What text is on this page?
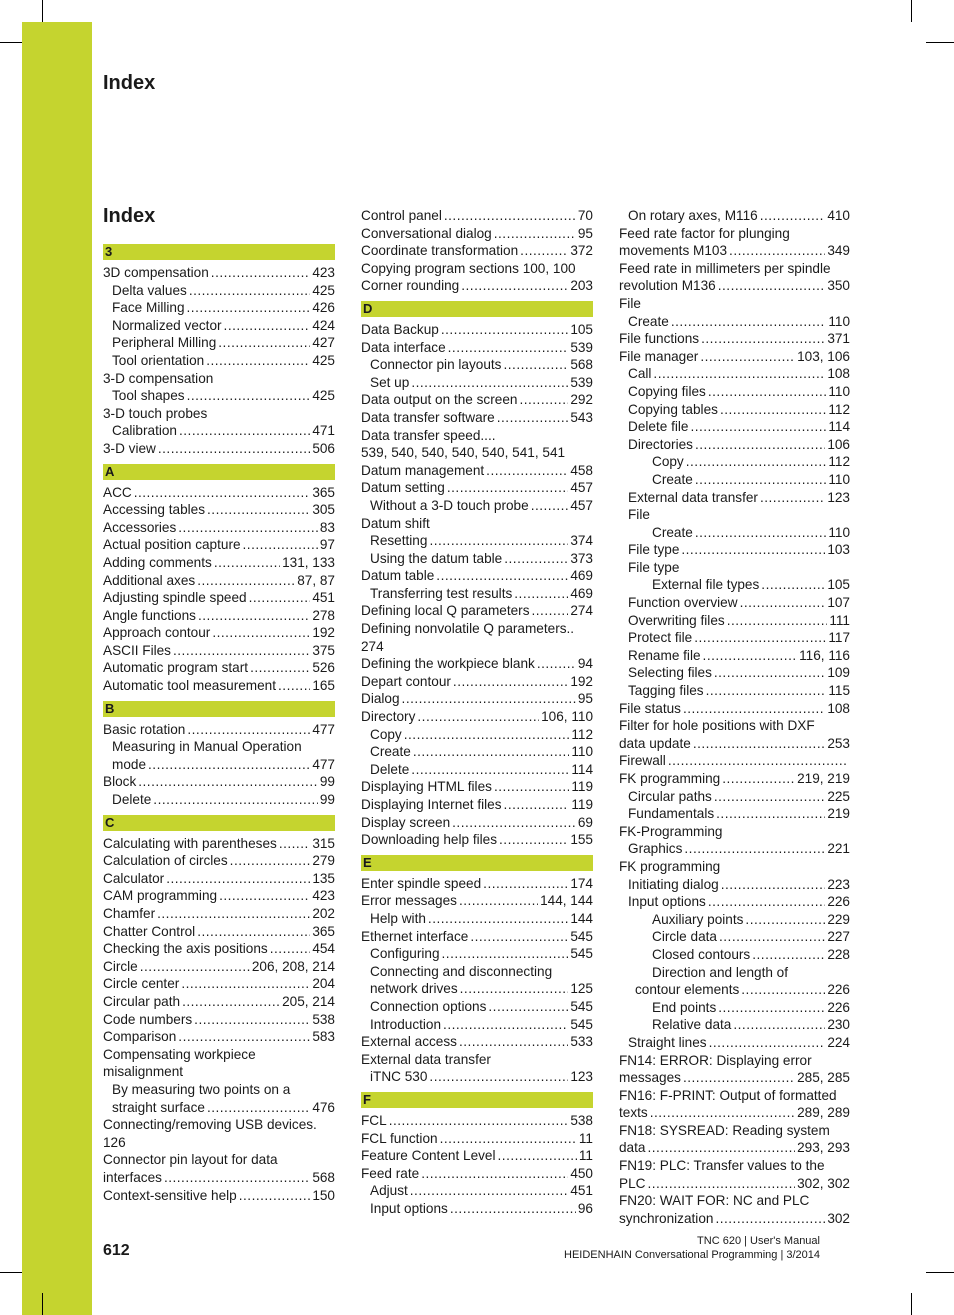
Index
Index
3
3D compensation .....	423
Delta values .....	425
Face Milling .....	426
Normalized vector .....	424
Peripheral Milling .....	427
Tool orientation .....	425
3-D compensation
Tool shapes .....	425
3-D touch probes
Calibration .....	471
3-D view .....	506
A
ACC .....	365
Accessing tables .....	305
Accessories .....	83
Actual position capture .....	97
Adding comments .....	131, 133
Additional axes .....	87, 87
Adjusting spindle speed .....	451
Angle functions .....	278
Approach contour .....	192
ASCII Files .....	375
Automatic program start .....	526
Automatic tool measurement .....	165
B
Basic rotation .....	477
Measuring in Manual Operation
mode .....	477
Block .....	99
Delete .....	99
C
Calculating with parentheses .....	315
Calculation of circles .....	279
Calculator .....	135
CAM programming .....	423
Chamfer .....	202
Chatter Control .....	365
Checking the axis positions .....	454
Circle .....	206, 208, 214
Circle center .....	204
Circular path .....	205, 214
Code numbers .....	538
Comparison .....	583
Compensating workpiece
misalignment
By measuring two points on a
straight surface .....	476
Connecting/removing USB devices.
126
Connector pin layout for data
interfaces .....	568
Context-sensitive help .....	150
Control panel .....	70
Conversational dialog .....	95
Coordinate transformation .....	372
Copying program sections 100, 100
Corner rounding .....	203
D
Data Backup .....	105
Data interface .....	539
Connector pin layouts .....	568
Set up .....	539
Data output on the screen .....	292
Data transfer software .....	543
Data transfer speed....
539, 540, 540, 540, 540, 541, 541
Datum management .....	458
Datum setting .....	457
Without a 3-D touch probe .....	457
Datum shift
Resetting .....	374
Using the datum table .....	373
Datum table .....	469
Transferring test results .....	469
Defining local Q parameters .....	274
Defining nonvolatile Q parameters..
274
Defining the workpiece blank .....	94
Depart contour .....	192
Dialog .....	95
Directory .....	106, 110
Copy .....	112
Create .....	110
Delete .....	114
Displaying HTML files .....	119
Displaying Internet files .....	119
Display screen .....	69
Downloading help files .....	155
E
Enter spindle speed .....	174
Error messages .....	144, 144
Help with .....	144
Ethernet interface .....	545
Configuring .....	545
Connecting and disconnecting
network drives .....	125
Connection options .....	545
Introduction .....	545
External access .....	533
External data transfer
iTNC 530 .....	123
F
FCL .....	538
FCL function .....	11
Feature Content Level .....	11
Feed rate .....	450
Adjust .....	451
Input options .....	96
On rotary axes, M116 .....	410
Feed rate factor for plunging
movements M103 .....	349
Feed rate in millimeters per spindle
revolution M136 .....	350
File
Create .....	110
File functions .....	371
File manager .....	103, 106
Call .....	108
Copying files .....	110
Copying tables .....	112
Delete file .....	114
Directories .....	106
Copy .....	112
Create .....	110
External data transfer .....	123
File
Create .....	110
File type .....	103
File type
External file types .....	105
Function overview .....	107
Overwriting files .....	111
Protect file .....	117
Rename file .....	116, 116
Selecting files .....	109
Tagging files .....	115
File status .....	108
Filter for hole positions with DXF
data update .....	253
Firewall
.....
FK programming .....	219, 219
Circular paths .....	225
Fundamentals .....	219
FK-Programming
Graphics .....	221
FK programming
Initiating dialog .....	223
Input options .....	226
Auxiliary points .....	229
Circle data .....	227
Closed contours .....	228
Direction and length of
contour elements .....	226
End points .....	226
Relative data .....	230
Straight lines .....	224
FN14: ERROR: Displaying error
messages .....	285, 285
FN16: F-PRINT: Output of formatted
texts .....	289, 289
FN18: SYSREAD: Reading system
data .....	293, 293
FN19: PLC: Transfer values to the
PLC .....	302, 302
FN20: WAIT FOR: NC and PLC
synchronization .....	302
612
TNC 620 | User's Manual
HEIDENHAIN Conversational Programming | 3/2014
